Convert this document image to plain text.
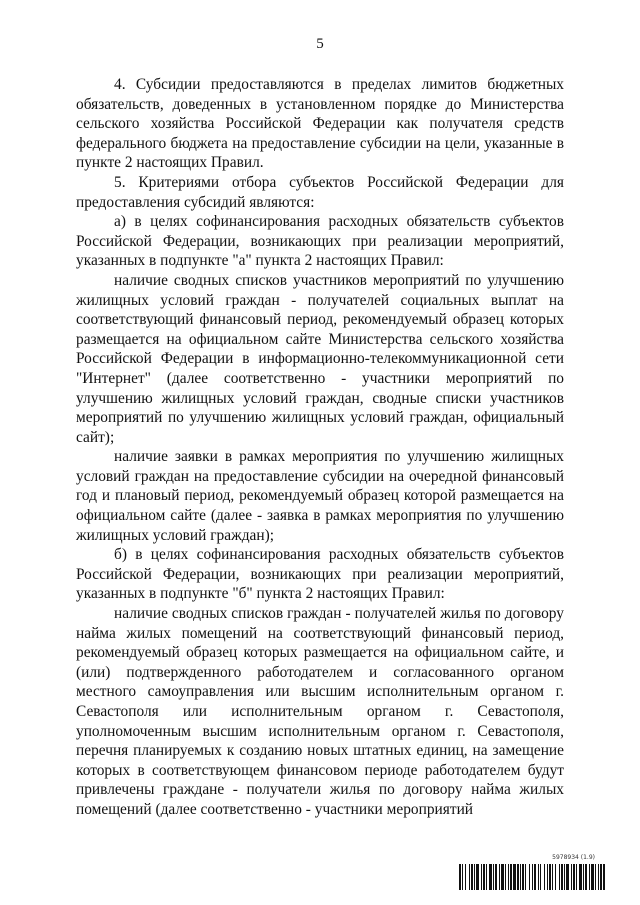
5

4. Субсидии предоставляются в пределах лимитов бюджетных обязательств, доведенных в установленном порядке до Министерства сельского хозяйства Российской Федерации как получателя средств федерального бюджета на предоставление субсидии на цели, указанные в пункте 2 настоящих Правил.

5. Критериями отбора субъектов Российской Федерации для предоставления субсидий являются:

а) в целях софинансирования расходных обязательств субъектов Российской Федерации, возникающих при реализации мероприятий, указанных в подпункте "а" пункта 2 настоящих Правил:

наличие сводных списков участников мероприятий по улучшению жилищных условий граждан - получателей социальных выплат на соответствующий финансовый период, рекомендуемый образец которых размещается на официальном сайте Министерства сельского хозяйства Российской Федерации в информационно-телекоммуникационной сети "Интернет" (далее соответственно - участники мероприятий по улучшению жилищных условий граждан, сводные списки участников мероприятий по улучшению жилищных условий граждан, официальный сайт);

наличие заявки в рамках мероприятия по улучшению жилищных условий граждан на предоставление субсидии на очередной финансовый год и плановый период, рекомендуемый образец которой размещается на официальном сайте (далее - заявка в рамках мероприятия по улучшению жилищных условий граждан);

б) в целях софинансирования расходных обязательств субъектов Российской Федерации, возникающих при реализации мероприятий, указанных в подпункте "б" пункта 2 настоящих Правил:

наличие сводных списков граждан - получателей жилья по договору найма жилых помещений на соответствующий финансовый период, рекомендуемый образец которых размещается на официальном сайте, и (или) подтвержденного работодателем и согласованного органом местного самоуправления или высшим исполнительным органом г. Севастополя или исполнительным органом г. Севастополя, уполномоченным высшим исполнительным органом г. Севастополя, перечня планируемых к созданию новых штатных единиц, на замещение которых в соответствующем финансовом периоде работодателем будут привлечены граждане - получатели жилья по договору найма жилых помещений (далее соответственно - участники мероприятий

5978934 (1.9)
